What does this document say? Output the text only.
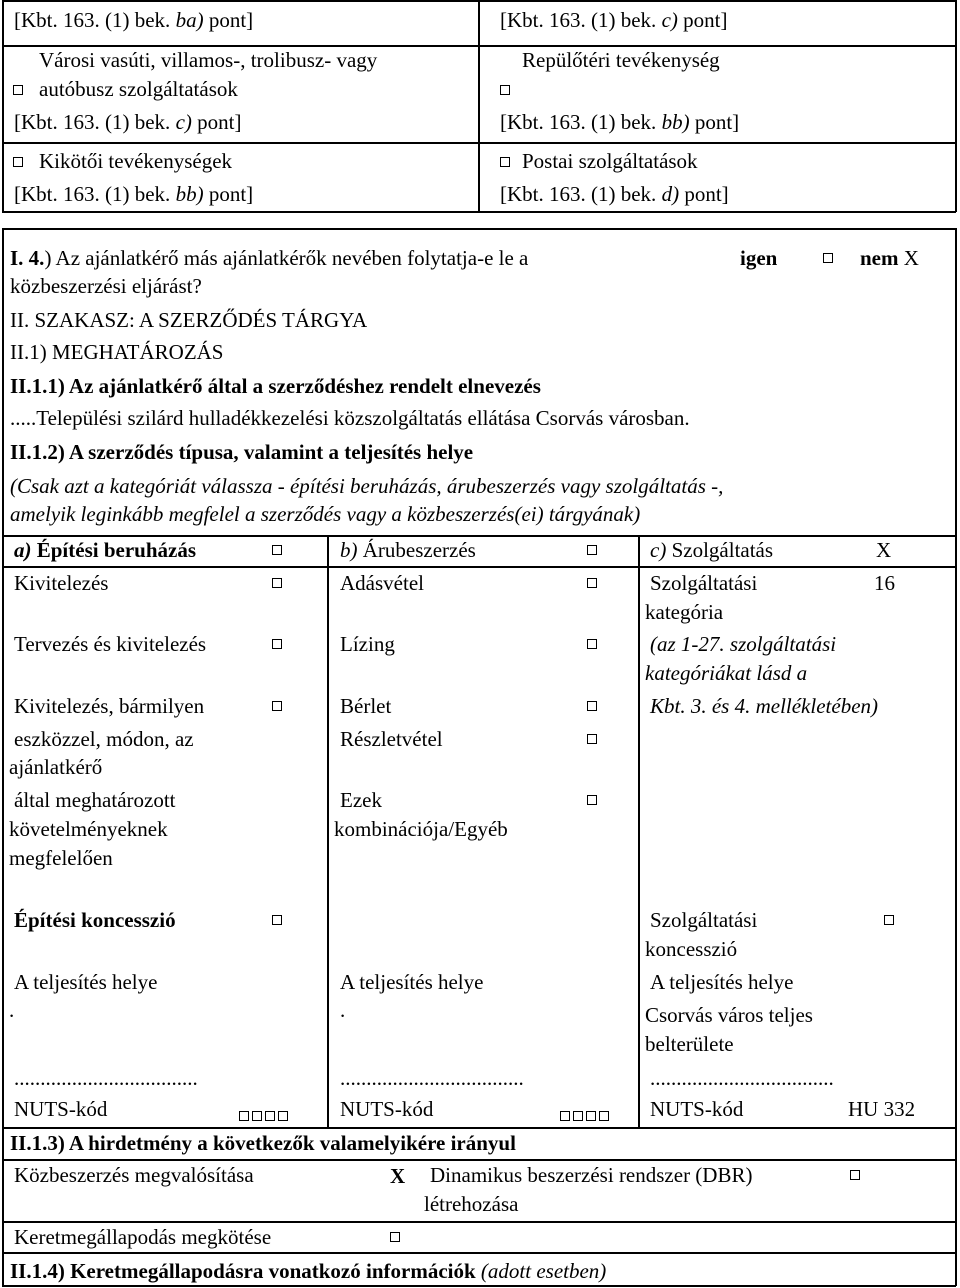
[Kbt. 163. (1) bek. ba) pont]	[Kbt. 163. (1) bek. c) pont]
Városi vasúti, villamos-, trolibusz- vagy
autóbusz szolgáltatások
[Kbt. 163. (1) bek. c) pont]
Repülőtéri tevékenység
[Kbt. 163. (1) bek. bb) pont]
Kikötői tevékenységek
[Kbt. 163. (1) bek. bb) pont]
Postai szolgáltatások
[Kbt. 163. (1) bek. d) pont]
I. 4.) Az ajánlatkérő más ajánlatkérők nevében folytatja-e le a
közbeszerzési eljárást?
igen	nem X
II. SZAKASZ: A SZERZŐDÉS TÁRGYA
II.1) MEGHATÁROZÁS
II.1.1) Az ajánlatkérő által a szerződéshez rendelt elnevezés
.....Települési szilárd hulladékkezelési közszolgáltatás ellátása Csorvás városban.
II.1.2) A szerződés típusa, valamint a teljesítés helye
(Csak azt a kategóriát válassza - építési beruházás, árubeszerzés vagy szolgáltatás -,
amelyik leginkább megfelel a szerződés vagy a közbeszerzés(ei) tárgyának)
a) Építési beruházás	b) Árubeszerzés	c) Szolgáltatás	X
Kivitelezés
Tervezés és kivitelezés
Kivitelezés, bármilyen
eszközzel, módon, az
ajánlatkérő
által meghatározott
követelményeknek
megfelelően
Építési koncesszió
A teljesítés helye
.
...................................
NUTS-kód
Adásvétel
Lízing
Bérlet
Részletvétel
Ezek
kombinációja/Egyéb
A teljesítés helye
.
...................................
NUTS-kód
Szolgáltatási	16
kategória
(az 1-27. szolgáltatási
kategóriákat lásd a
Kbt. 3. és 4. mellékletében)
Szolgáltatási
koncesszió
A teljesítés helye
Csorvás város teljes
belterülete
...................................
NUTS-kód	HU 332
II.1.3) A hirdetmény a következők valamelyikére irányul
Közbeszerzés megvalósítása	X Dinamikus beszerzési rendszer (DBR)
létrehozása
Keretmegállapodás megkötése
II.1.4) Keretmegállapodásra vonatkozó információk (adott esetben)
